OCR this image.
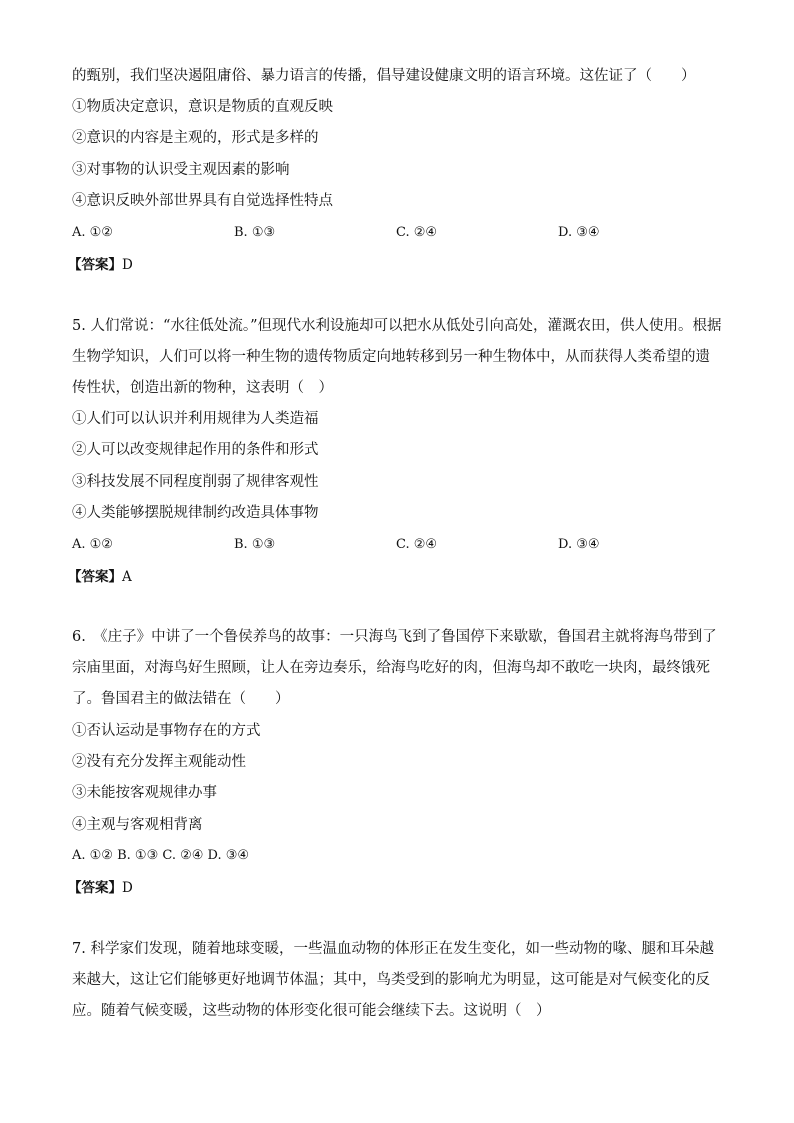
的甄别，我们坚决遏阻庸俗、暴力语言的传播，倡导建设健康文明的语言环境。这佐证了（　　）
①物质决定意识，意识是物质的直观反映
②意识的内容是主观的，形式是多样的
③对事物的认识受主观因素的影响
④意识反映外部世界具有自觉选择性特点
A. ①②	B. ①③	C. ②④	D. ③④
【答案】D
5. 人们常说：“水往低处流。”但现代水利设施却可以把水从低处引向高处，灌溉农田，供人使用。根据生物学知识，人们可以将一种生物的遗传物质定向地转移到另一种生物体中，从而获得人类希望的遗传性状，创造出新的物种，这表明（　）
①人们可以认识并利用规律为人类造福
②人可以改变规律起作用的条件和形式
③科技发展不同程度削弱了规律客观性
④人类能够摆脱规律制约改造具体事物
A. ①②	B. ①③	C. ②④	D. ③④
【答案】A
6.　《庄子》中讲了一个鲁侯养鸟的故事：一只海鸟飞到了鲁国停下来歇歇，鲁国君主就将海鸟带到了宗庙里面，对海鸟好生照顾，让人在旁边奏乐，给海鸟吃好的肉，但海鸟却不敢吃一块肉，最终饿死了。鲁国君主的做法错在（　　）
①否认运动是事物存在的方式
②没有充分发挥主观能动性
③未能按客观规律办事
④主观与客观相背离
A. ①② B. ①③ C. ②④ D. ③④
【答案】D
7. 科学家们发现，随着地球变暖，一些温血动物的体形正在发生变化，如一些动物的喙、腿和耳朵越来越大，这让它们能够更好地调节体温；其中，鸟类受到的影响尤为明显，这可能是对气候变化的反应。随着气候变暖，这些动物的体形变化很可能会继续下去。这说明（　）
